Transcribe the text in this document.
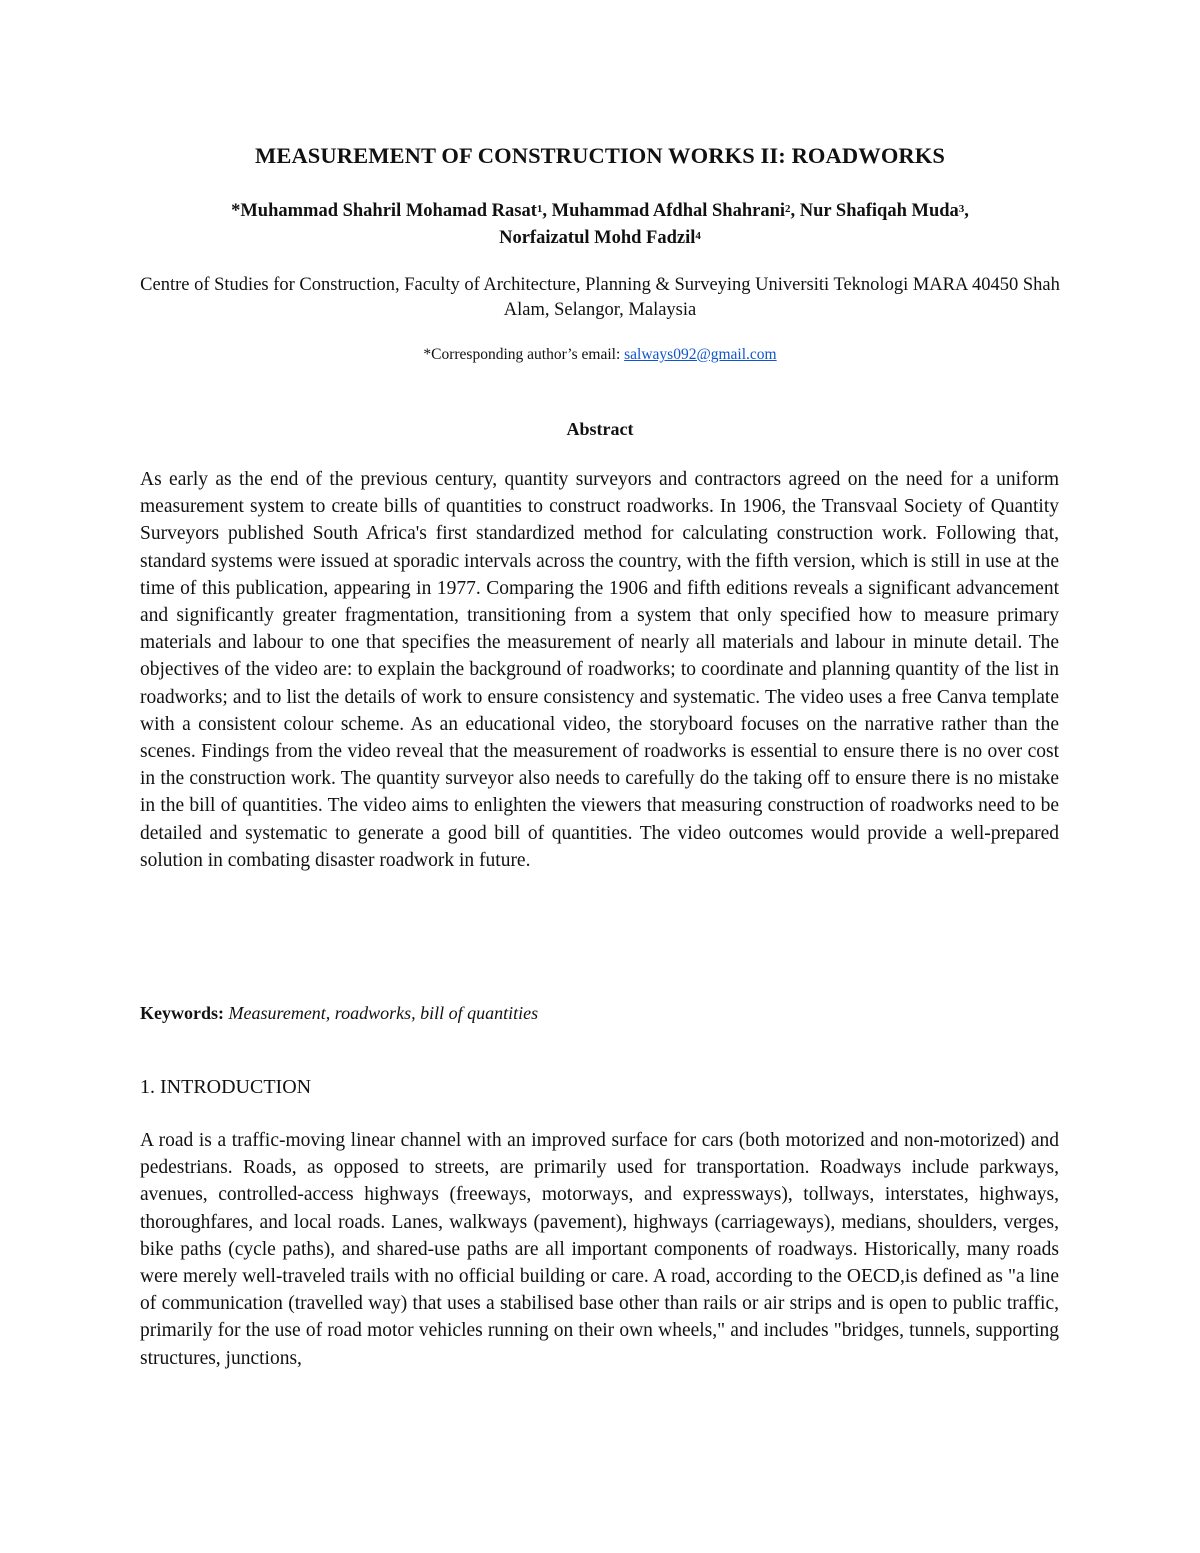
MEASUREMENT OF CONSTRUCTION WORKS II: ROADWORKS
*Muhammad Shahril Mohamad Rasat$^1$, Muhammad Afdhal Shahrani$^2$, Nur Shafiqah Muda$^3$,
Norfaizatul Mohd Fadzil$^4$
Centre of Studies for Construction, Faculty of Architecture, Planning & Surveying Universiti Teknologi MARA 40450 Shah Alam, Selangor, Malaysia
*Corresponding author’s email: salways092@gmail.com
Abstract

As early as the end of the previous century, quantity surveyors and contractors agreed on the need for a uniform measurement system to create bills of quantities to construct roadworks. In 1906, the Transvaal Society of Quantity Surveyors published South Africa's first standardized method for calculating construction work. Following that, standard systems were issued at sporadic intervals across the country, with the fifth version, which is still in use at the time of this publication, appearing in 1977. Comparing the 1906 and fifth editions reveals a significant advancement and significantly greater fragmentation, transitioning from a system that only specified how to measure primary materials and labour to one that specifies the measurement of nearly all materials and labour in minute detail. The objectives of the video are: to explain the background of roadworks; to coordinate and planning quantity of the list in roadworks; and to list the details of work to ensure consistency and systematic. The video uses a free Canva template with a consistent colour scheme. As an educational video, the storyboard focuses on the narrative rather than the scenes. Findings from the video reveal that the measurement of roadworks is essential to ensure there is no over cost in the construction work. The quantity surveyor also needs to carefully do the taking off to ensure there is no mistake in the bill of quantities. The video aims to enlighten the viewers that measuring construction of roadworks need to be detailed and systematic to generate a good bill of quantities. The video outcomes would provide a well-prepared solution in combating disaster roadwork in future.

Keywords: Measurement, roadworks, bill of quantities
1. INTRODUCTION

A road is a traffic-moving linear channel with an improved surface for cars (both motorized and non-motorized) and pedestrians. Roads, as opposed to streets, are primarily used for transportation. Roadways include parkways, avenues, controlled-access highways (freeways, motorways, and expressways), tollways, interstates, highways, thoroughfares, and local roads. Lanes, walkways (pavement), highways (carriageways), medians, shoulders, verges, bike paths (cycle paths), and shared-use paths are all important components of roadways. Historically, many roads were merely well-traveled trails with no official building or care. A road, according to the OECD,is defined as "a line of communication (travelled way) that uses a stabilised base other than rails or air strips and is open to public traffic, primarily for the use of road motor vehicles running on their own wheels," and includes "bridges, tunnels, supporting structures, junctions,
